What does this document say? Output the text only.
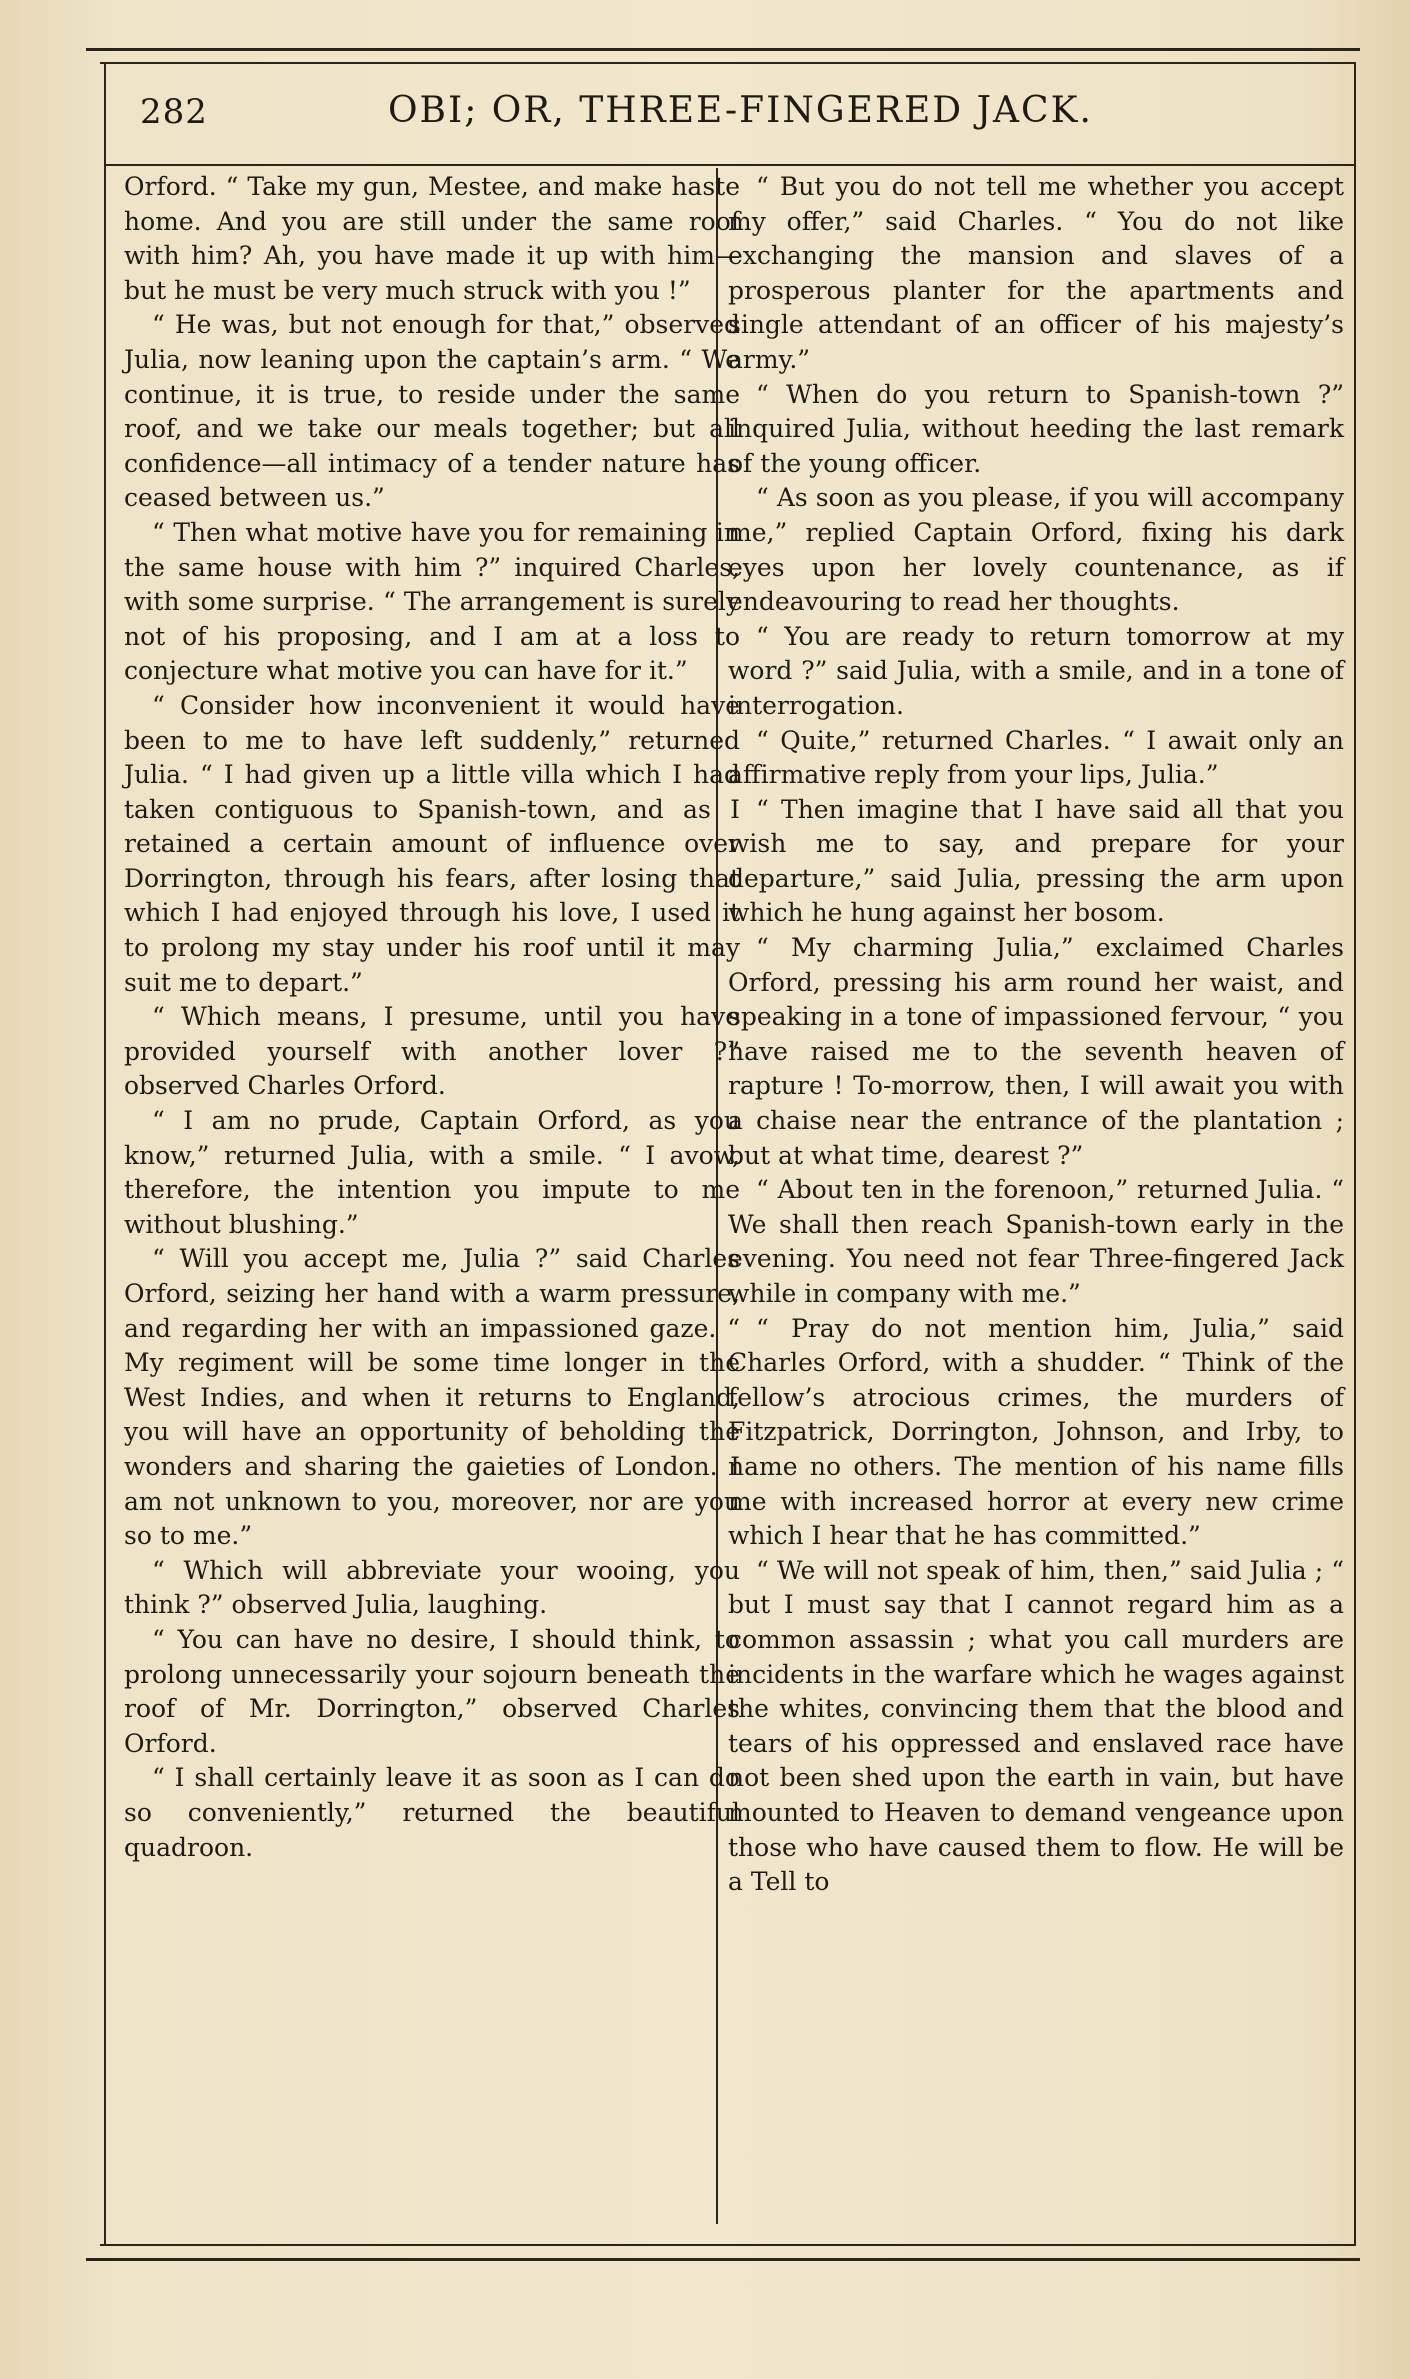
282	OBI; OR, THREE-FINGERED JACK.

Orford. “ Take my gun, Mestee, and make haste home. And you are still under the same roof with him? Ah, you have made it up with him—but he must be very much struck with you !”

“ He was, but not enough for that,” observed Julia, now leaning upon the captain’s arm. “ We continue, it is true, to reside under the same roof, and we take our meals together; but all confidence—all intimacy of a tender nature has ceased between us.”

“ Then what motive have you for remaining in the same house with him ?” inquired Charles, with some surprise. “ The arrangement is surely not of his proposing, and I am at a loss to conjecture what motive you can have for it.”

“ Consider how inconvenient it would have been to me to have left suddenly,” returned Julia. “ I had given up a little villa which I had taken contiguous to Spanish-town, and as I retained a certain amount of influence over Dorrington, through his fears, after losing that which I had enjoyed through his love, I used it to prolong my stay under his roof until it may suit me to depart.”

“ Which means, I presume, until you have provided yourself with another lover ?” observed Charles Orford.

“ I am no prude, Captain Orford, as you know,” returned Julia, with a smile. “ I avow, therefore, the intention you impute to me without blushing.”

“ Will you accept me, Julia ?” said Charles Orford, seizing her hand with a warm pressure, and regarding her with an impassioned gaze. “ My regiment will be some time longer in the West Indies, and when it returns to England, you will have an opportunity of beholding the wonders and sharing the gaieties of London. I am not unknown to you, moreover, nor are you so to me.”

“ Which will abbreviate your wooing, you think ?” observed Julia, laughing.

“ You can have no desire, I should think, to prolong unnecessarily your sojourn beneath the roof of Mr. Dorrington,” observed Charles Orford.

“ I shall certainly leave it as soon as I can do so conveniently,” returned the beautiful quadroon.

“ But you do not tell me whether you accept my offer,” said Charles. “ You do not like exchanging the mansion and slaves of a prosperous planter for the apartments and single attendant of an officer of his majesty’s army.”

“ When do you return to Spanish-town ?” inquired Julia, without heeding the last remark of the young officer.

“ As soon as you please, if you will accompany me,” replied Captain Orford, fixing his dark eyes upon her lovely countenance, as if endeavouring to read her thoughts.

“ You are ready to return tomorrow at my word ?” said Julia, with a smile, and in a tone of interrogation.

“ Quite,” returned Charles. “ I await only an affirmative reply from your lips, Julia.”

“ Then imagine that I have said all that you wish me to say, and prepare for your departure,” said Julia, pressing the arm upon which he hung against her bosom.

“ My charming Julia,” exclaimed Charles Orford, pressing his arm round her waist, and speaking in a tone of impassioned fervour, “ you have raised me to the seventh heaven of rapture ! To-morrow, then, I will await you with a chaise near the entrance of the plantation ; but at what time, dearest ?”

“ About ten in the forenoon,” returned Julia. “ We shall then reach Spanish-town early in the evening. You need not fear Three-fingered Jack while in company with me.”

“ Pray do not mention him, Julia,” said Charles Orford, with a shudder. “ Think of the fellow’s atrocious crimes, the murders of Fitzpatrick, Dorrington, Johnson, and Irby, to name no others. The mention of his name fills me with increased horror at every new crime which I hear that he has committed.”

“ We will not speak of him, then,” said Julia ; “ but I must say that I cannot regard him as a common assassin ; what you call murders are incidents in the warfare which he wages against the whites, convincing them that the blood and tears of his oppressed and enslaved race have not been shed upon the earth in vain, but have mounted to Heaven to demand vengeance upon those who have caused them to flow. He will be a Tell to
